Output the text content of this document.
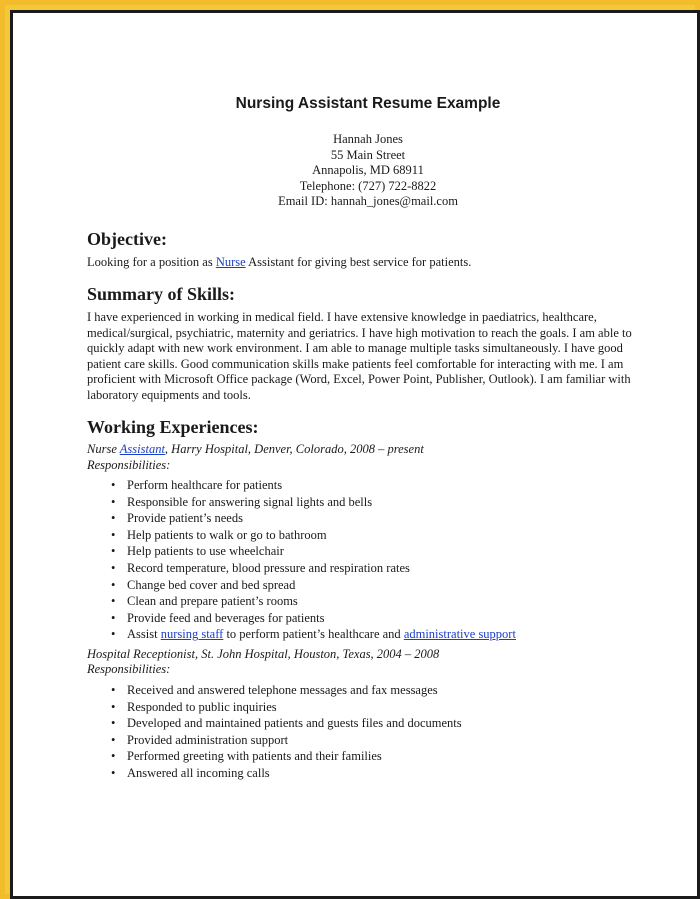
Nursing Assistant Resume Example
Hannah Jones
55 Main Street
Annapolis, MD 68911
Telephone: (727) 722-8822
Email ID: hannah_jones@mail.com
Objective:
Looking for a position as Nurse Assistant for giving best service for patients.
Summary of Skills:
I have experienced in working in medical field. I have extensive knowledge in paediatrics, healthcare, medical/surgical, psychiatric, maternity and geriatrics. I have high motivation to reach the goals. I am able to quickly adapt with new work environment. I am able to manage multiple tasks simultaneously. I have good patient care skills. Good communication skills make patients feel comfortable for interacting with me. I am proficient with Microsoft Office package (Word, Excel, Power Point, Publisher, Outlook). I am familiar with laboratory equipments and tools.
Working Experiences:
Nurse Assistant, Harry Hospital, Denver, Colorado, 2008 – present
Responsibilities:
• Perform healthcare for patients
• Responsible for answering signal lights and bells
• Provide patient’s needs
• Help patients to walk or go to bathroom
• Help patients to use wheelchair
• Record temperature, blood pressure and respiration rates
• Change bed cover and bed spread
• Clean and prepare patient’s rooms
• Provide feed and beverages for patients
• Assist nursing staff to perform patient’s healthcare and administrative support
Hospital Receptionist, St. John Hospital, Houston, Texas, 2004 – 2008
Responsibilities:
• Received and answered telephone messages and fax messages
• Responded to public inquiries
• Developed and maintained patients and guests files and documents
• Provided administration support
• Performed greeting with patients and their families
• Answered all incoming calls
